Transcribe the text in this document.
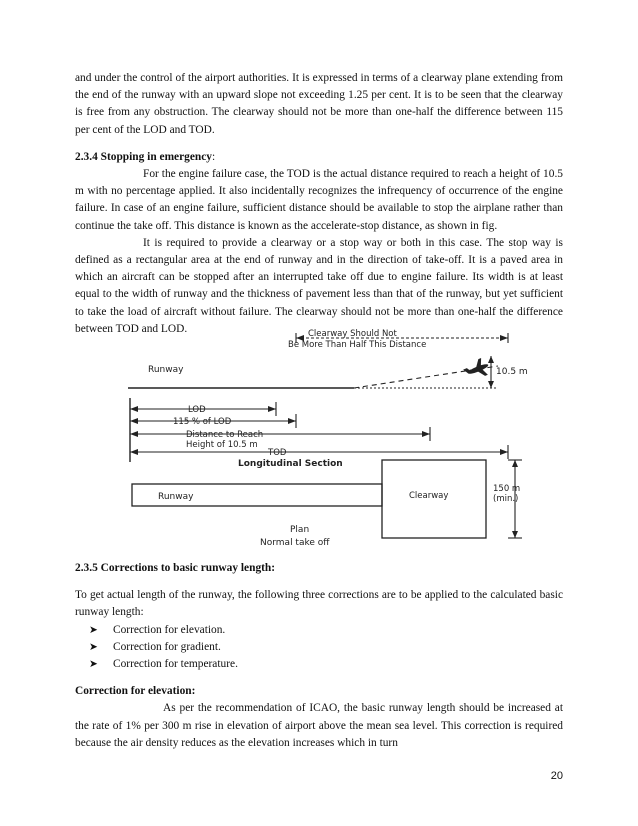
and under the control of the airport authorities. It is expressed in terms of a clearway plane extending from the end of the runway with an upward slope not exceeding 1.25 per cent. It is to be seen that the clearway is free from any obstruction. The clearway should not be more than one-half the difference between 115 per cent of the LOD and TOD.

2.3.4 Stopping in emergency:

For the engine failure case, the TOD is the actual distance required to reach a height of 10.5 m with no percentage applied. It also incidentally recognizes the infrequency of occurrence of the engine failure. In case of an engine failure, sufficient distance should be available to stop the airplane rather than continue the take off. This distance is known as the accelerate-stop distance, as shown in fig.

It is required to provide a clearway or a stop way or both in this case. The stop way is defined as a rectangular area at the end of runway and in the direction of take-off. It is a paved area in which an aircraft can be stopped after an interrupted take off due to engine failure. Its width is at least equal to the width of runway and the thickness of pavement less than that of the runway, but yet sufficient to take the load of aircraft without failure. The clearway should not be more than one-half the difference between TOD and LOD.	Clearway Should Not
Be More Than Half This Distance
Runway	10.5 m
LOD
115 % of LOD
Distance to Reach
Height of 10.5 m
TOD
Longitudinal Section
Runway	Clearway
150 m
(min.)
Plan
Normal take off

2.3.5 Corrections to basic runway length:

To get actual length of the runway, the following three corrections are to be applied to the calculated basic runway length:

➤ Correction for elevation.
➤ Correction for gradient.
➤ Correction for temperature.

Correction for elevation:

As per the recommendation of ICAO, the basic runway length should be increased at the rate of 1% per 300 m rise in elevation of airport above the mean sea level. This correction is required because the air density reduces as the elevation increases which in turn

20
